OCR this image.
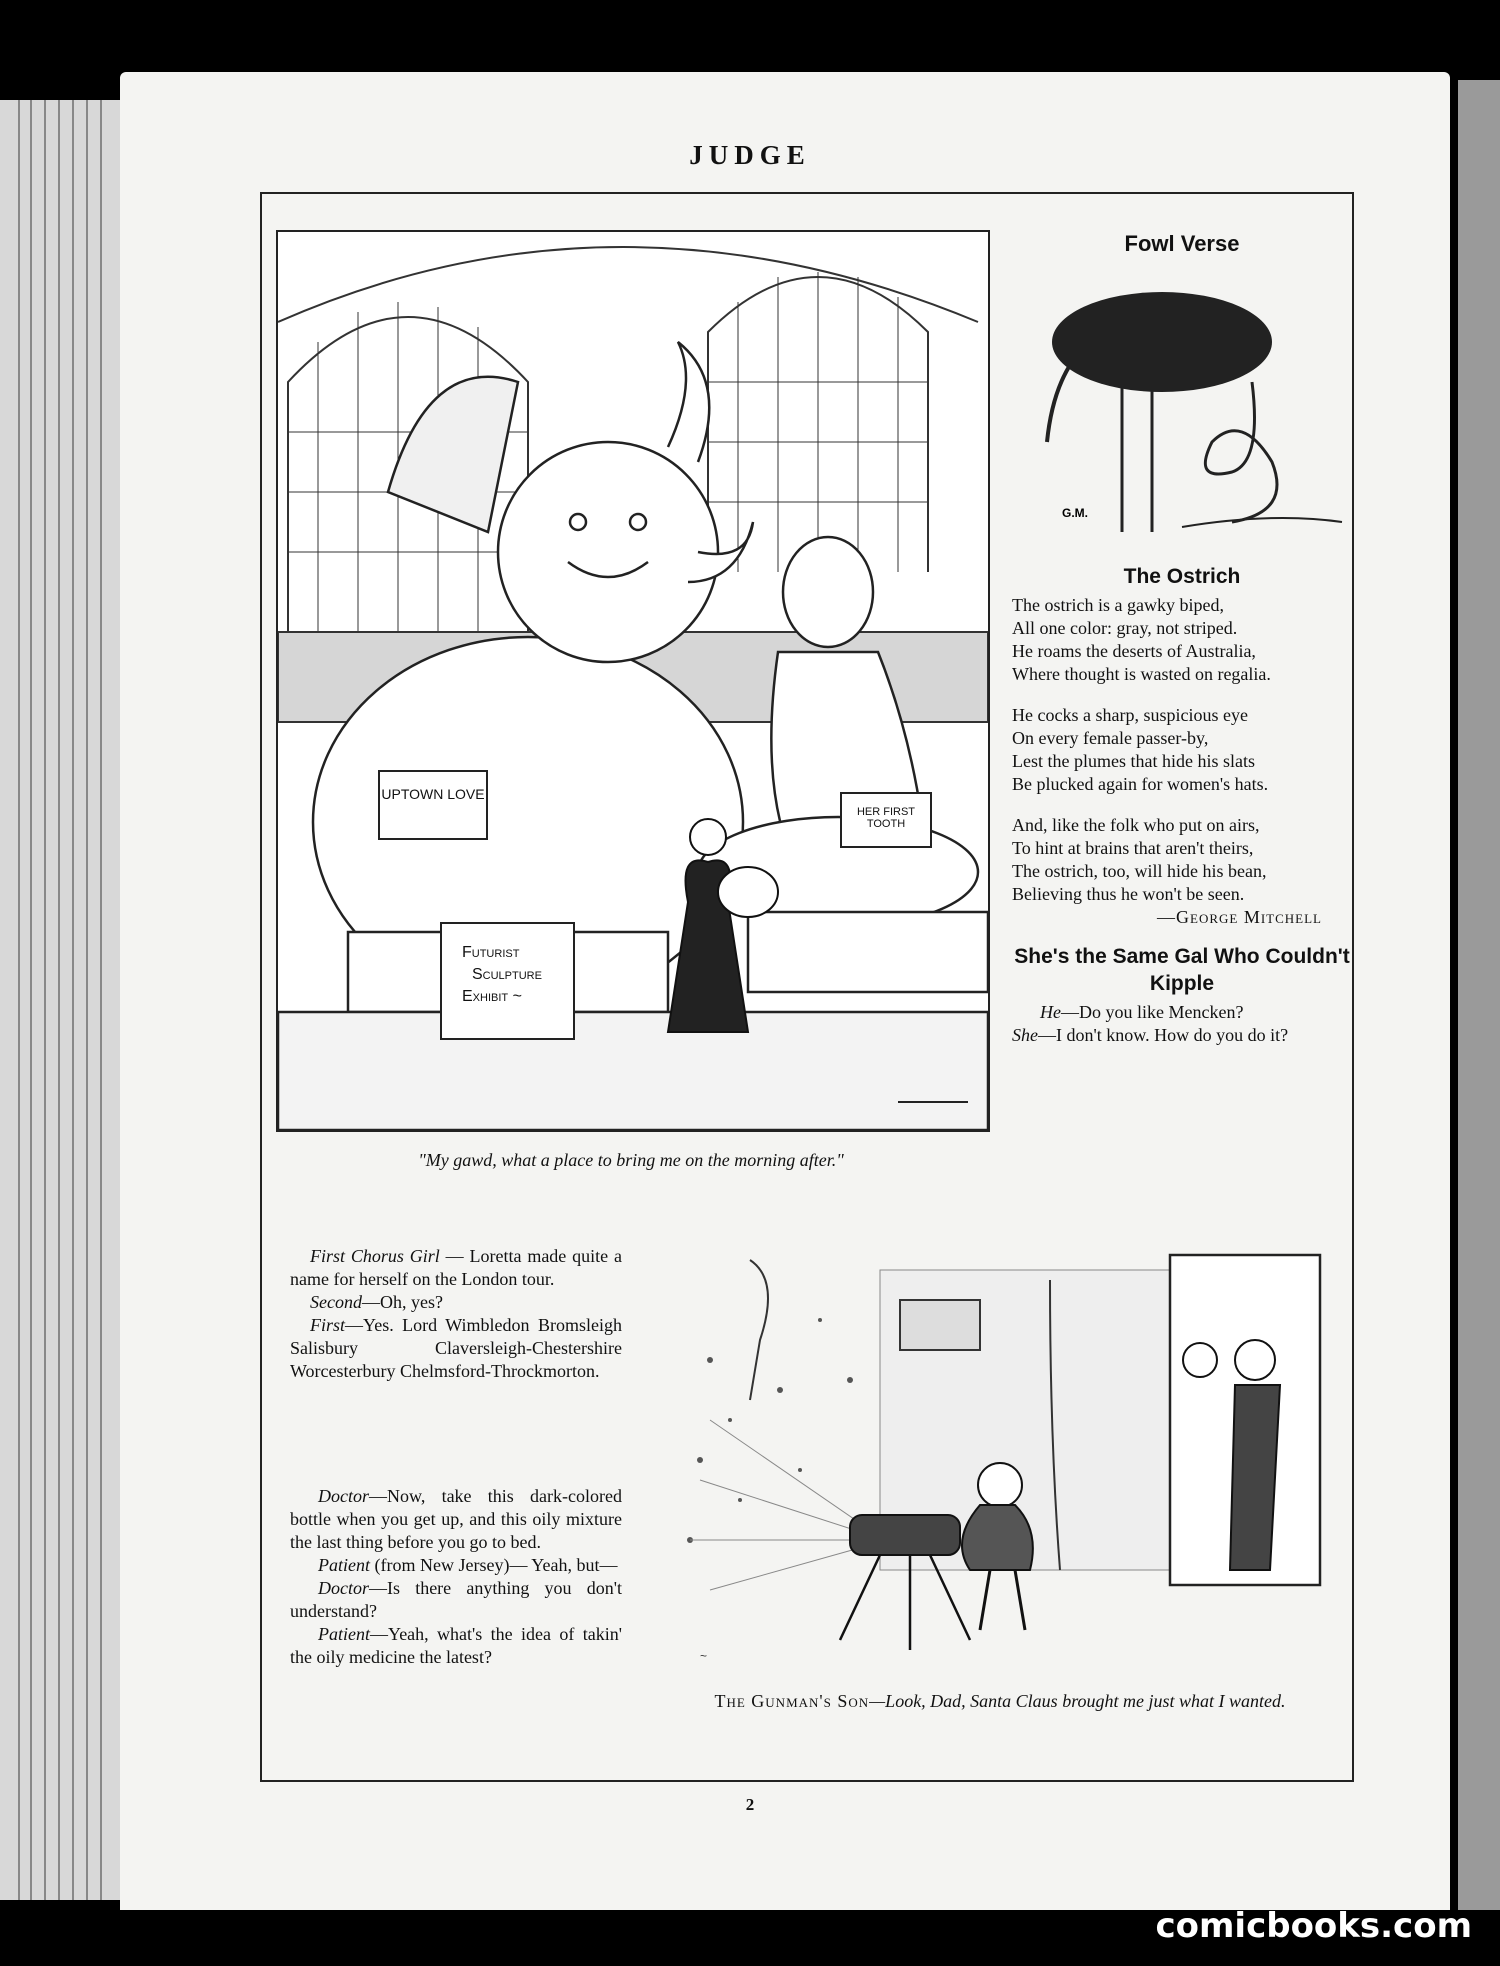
JUDGE
UPTOWN LOVE
HER FIRST TOOTH
Futurist
Sculpture
Exhibit ~
"My gawd, what a place to bring me on the morning after."
Fowl Verse
G.M.
The Ostrich

The ostrich is a gawky biped,

All one color: gray, not striped.

He roams the deserts of Australia,

Where thought is wasted on regalia.

He cocks a sharp, suspicious eye

On every female passer-by,

Lest the plumes that hide his slats

Be plucked again for women's hats.

And, like the folk who put on airs,

To hint at brains that aren't theirs,

The ostrich, too, will hide his bean,

Believing thus he won't be seen.

—George Mitchell

She's the Same Gal Who Couldn't Kipple

He—Do you like Mencken?
She—I don't know. How do you do it?

First Chorus Girl — Loretta made quite a name for herself on the London tour.

Second—Oh, yes?

First—Yes. Lord Wimbledon Bromsleigh Salisbury Claversleigh-Chestershire Worcesterbury Chelmsford-Throckmorton.

Doctor—Now, take this dark-colored bottle when you get up, and this oily mixture the last thing before you go to bed.

Patient (from New Jersey)— Yeah, but—

Doctor—Is there anything you don't understand?

Patient—Yeah, what's the idea of takin' the oily medicine the latest?	~
The Gunman's Son—Look, Dad, Santa Claus brought me just what I wanted.
2
comicbooks.com
